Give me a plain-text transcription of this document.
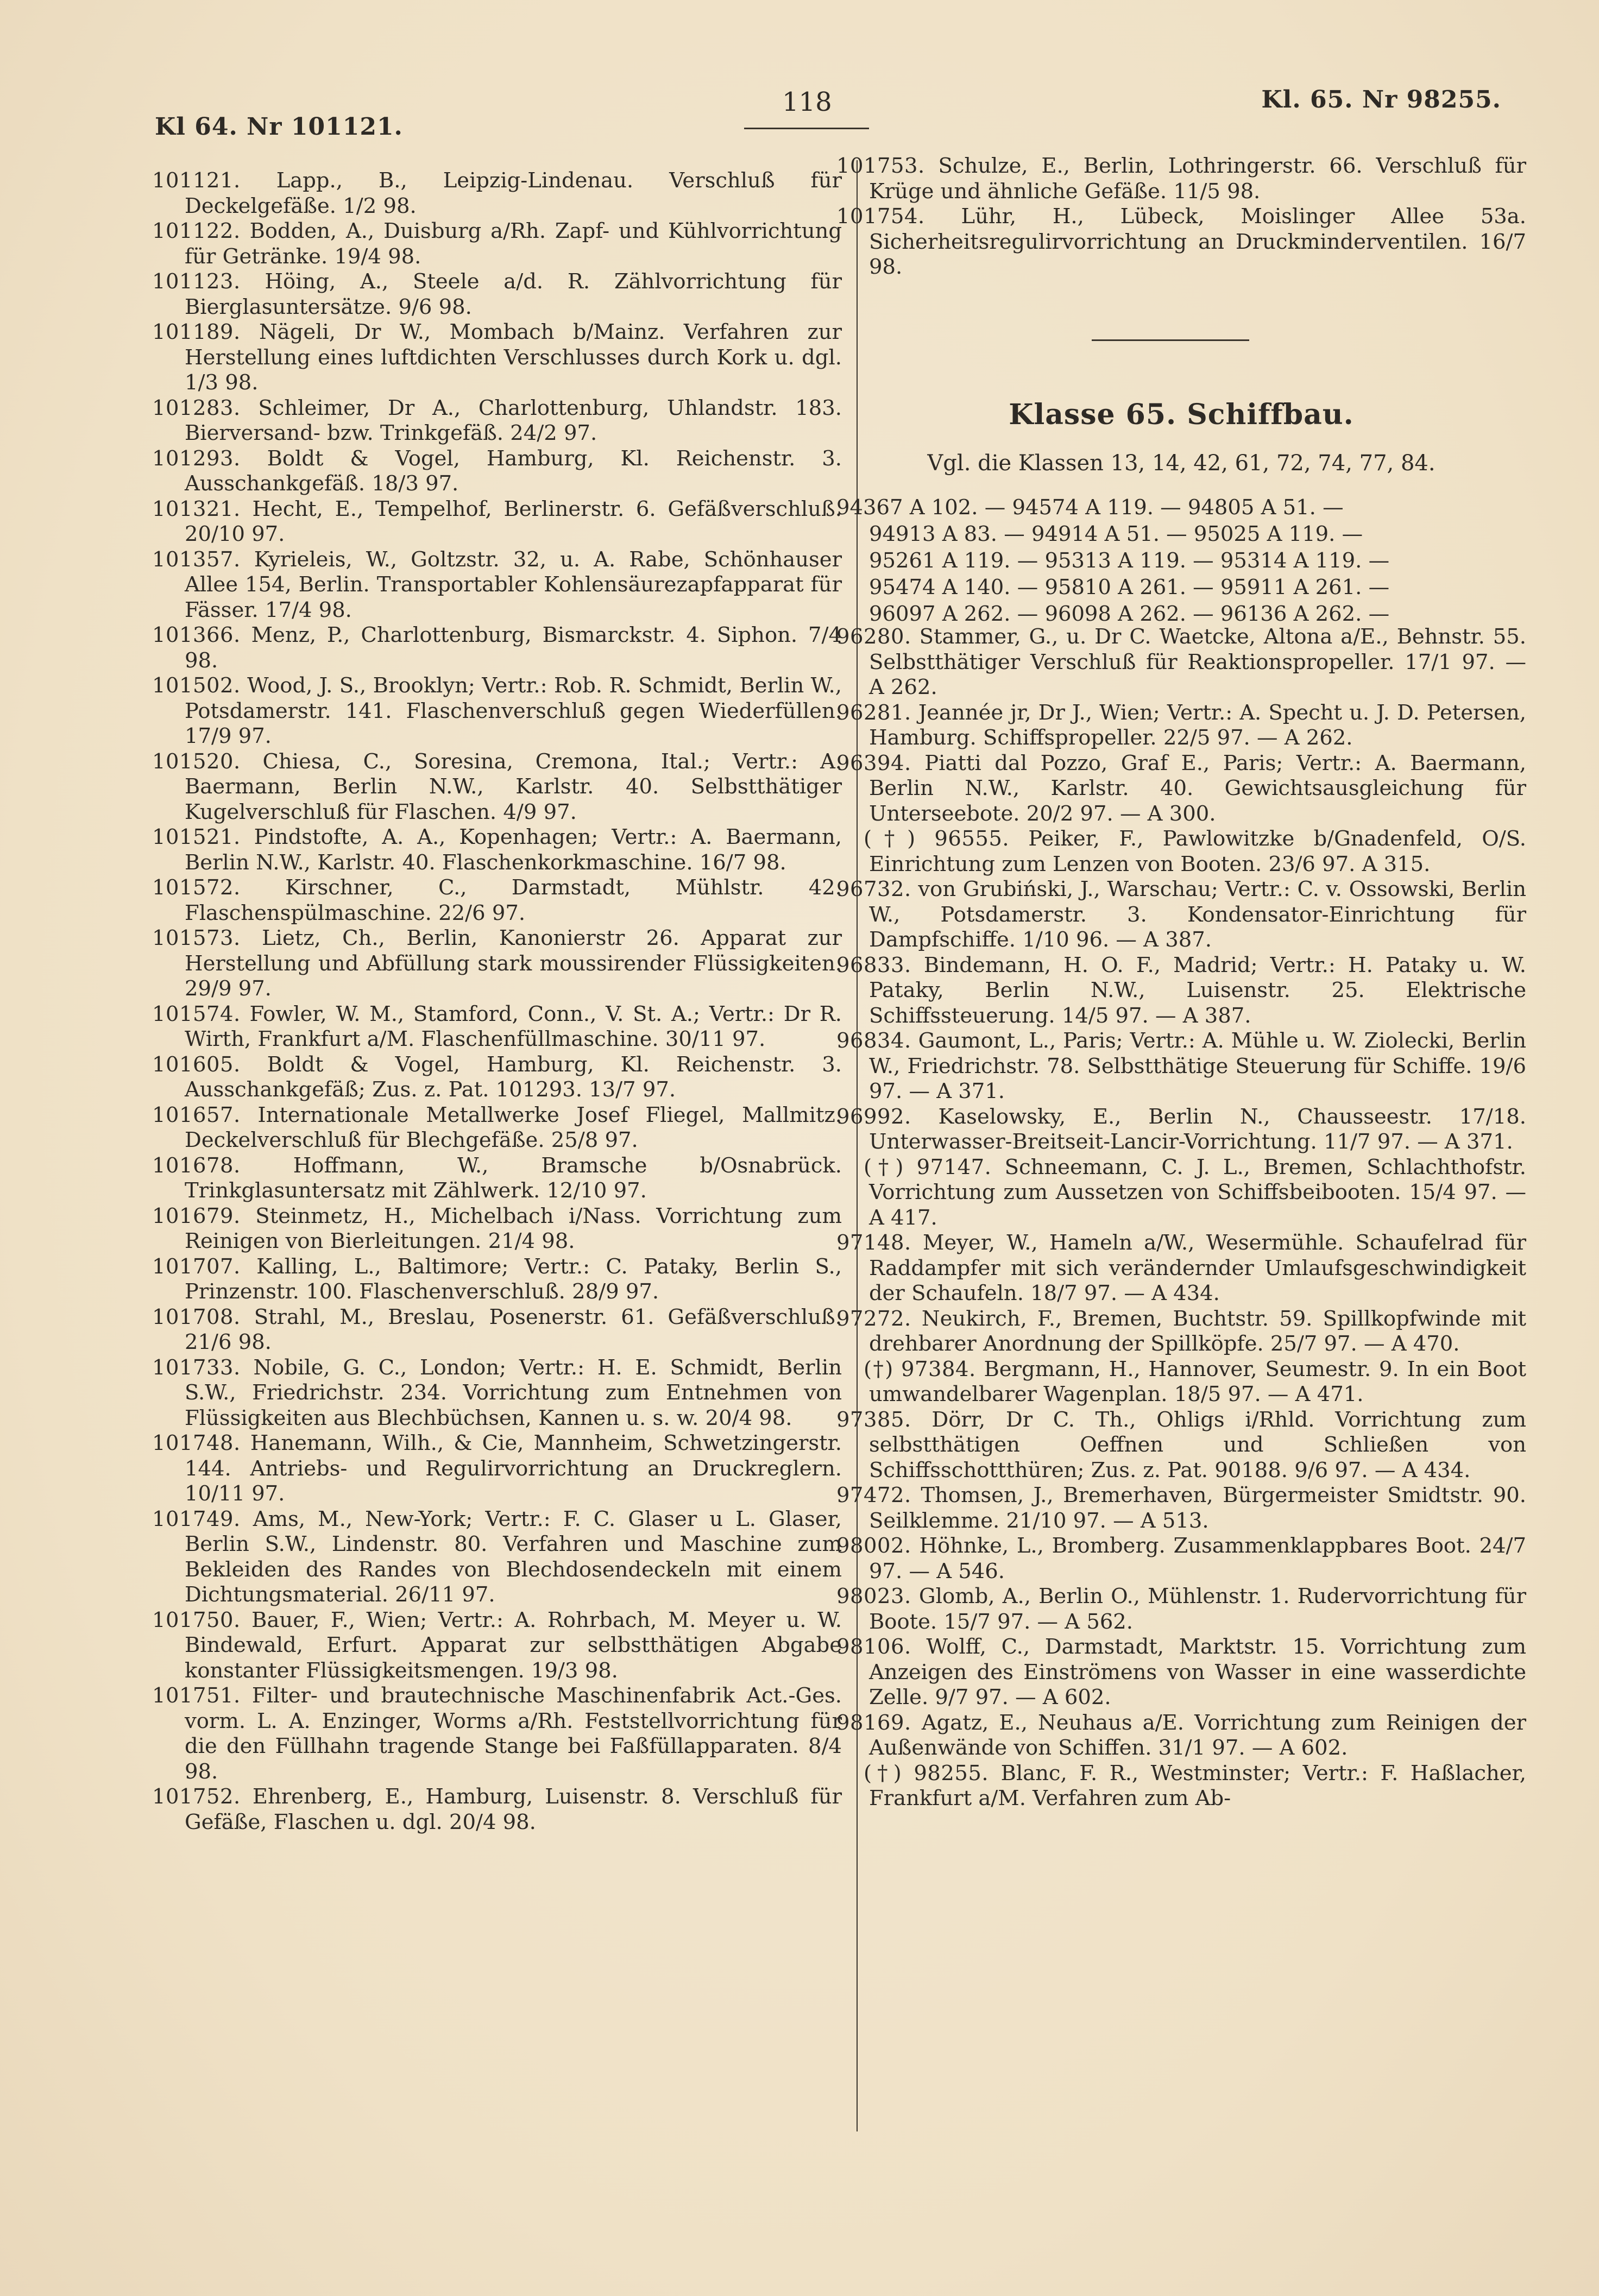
Kl 64. Nr 101121.
118	Kl. 65. Nr 98255.

101121. Lapp., B., Leipzig-Lindenau. Verschluß für Deckelgefäße. 1/2 98.

101122. Bodden, A., Duisburg a/Rh. Zapf- und Kühlvorrichtung für Getränke. 19/4 98.

101123. Höing, A., Steele a/d. R. Zählvorrichtung für Bierglasuntersätze. 9/6 98.

101189. Nägeli, Dr W., Mombach b/Mainz. Verfahren zur Herstellung eines luftdichten Verschlusses durch Kork u. dgl. 1/3 98.

101283. Schleimer, Dr A., Charlottenburg, Uhlandstr. 183. Bierversand- bzw. Trinkgefäß. 24/2 97.

101293. Boldt & Vogel, Hamburg, Kl. Reichenstr. 3. Ausschankgefäß. 18/3 97.

101321. Hecht, E., Tempelhof, Berlinerstr. 6. Gefäßverschluß. 20/10 97.

101357. Kyrieleis, W., Goltzstr. 32, u. A. Rabe, Schönhauser Allee 154, Berlin. Transportabler Kohlensäurezapfapparat für Fässer. 17/4 98.

101366. Menz, P., Charlottenburg, Bismarckstr. 4. Siphon. 7/4 98.

101502. Wood, J. S., Brooklyn; Vertr.: Rob. R. Schmidt, Berlin W., Potsdamerstr. 141. Flaschenverschluß gegen Wiederfüllen. 17/9 97.

101520. Chiesa, C., Soresina, Cremona, Ital.; Vertr.: A. Baermann, Berlin N.W., Karlstr. 40. Selbstthätiger Kugelverschluß für Flaschen. 4/9 97.

101521. Pindstofte, A. A., Kopenhagen; Vertr.: A. Baermann, Berlin N.W., Karlstr. 40. Flaschenkorkmaschine. 16/7 98.

101572. Kirschner, C., Darmstadt, Mühlstr. 42. Flaschenspülmaschine. 22/6 97.

101573. Lietz, Ch., Berlin, Kanonierstr 26. Apparat zur Herstellung und Abfüllung stark moussirender Flüssigkeiten. 29/9 97.

101574. Fowler, W. M., Stamford, Conn., V. St. A.; Vertr.: Dr R. Wirth, Frankfurt a/M. Flaschenfüllmaschine. 30/11 97.

101605. Boldt & Vogel, Hamburg, Kl. Reichenstr. 3. Ausschankgefäß; Zus. z. Pat. 101293. 13/7 97.

101657. Internationale Metallwerke Josef Fliegel, Mallmitz. Deckelverschluß für Blechgefäße. 25/8 97.

101678.	Hoffmann, W., Bramsche b/Osnabrück. Trinkglasuntersatz mit Zählwerk. 12/10 97.

101679. Steinmetz, H., Michelbach i/Nass. Vorrichtung zum Reinigen von Bierleitungen. 21/4 98.

101707. Kalling, L., Baltimore; Vertr.: C. Pataky, Berlin S., Prinzenstr. 100. Flaschenverschluß. 28/9 97.

101708. Strahl, M., Breslau, Posenerstr. 61. Gefäßverschluß. 21/6 98.

101733. Nobile, G. C., London; Vertr.: H. E. Schmidt, Berlin S.W., Friedrichstr. 234. Vorrichtung zum Entnehmen von Flüssigkeiten aus Blechbüchsen, Kannen u. s. w. 20/4 98.

101748. Hanemann, Wilh., & Cie, Mannheim, Schwetzingerstr. 144. Antriebs- und Regulirvorrichtung an Druckreglern. 10/11 97.

101749. Ams, M., New-York; Vertr.: F. C. Glaser u L. Glaser, Berlin S.W., Lindenstr. 80. Verfahren und Maschine zum Bekleiden des Randes von Blechdosendeckeln mit einem Dichtungsmaterial. 26/11 97.

101750. Bauer, F., Wien; Vertr.: A. Rohrbach, M. Meyer u. W. Bindewald, Erfurt. Apparat zur selbstthätigen Abgabe konstanter Flüssigkeitsmengen. 19/3 98.

101751. Filter- und brautechnische Maschinenfabrik Act.-Ges. vorm. L. A. Enzinger, Worms a/Rh. Feststellvorrichtung für die den Füllhahn tragende Stange bei Faßfüllapparaten. 8/4 98.

101752. Ehrenberg, E., Hamburg, Luisenstr. 8. Verschluß für Gefäße, Flaschen u. dgl. 20/4 98.

101753. Schulze, E., Berlin, Lothringerstr. 66. Verschluß für Krüge und ähnliche Gefäße. 11/5 98.

101754. Lühr, H., Lübeck, Moislinger Allee 53a. Sicherheitsregulirvorrichtung an Druckminderventilen. 16/7 98.

Klasse 65. Schiffbau.
Vgl. die Klassen 13, 14, 42, 61, 72, 74, 77, 84.
94367 A 102. — 94574 A 119. — 94805 A 51. —
94913 A 83. — 94914 A 51. — 95025 A 119. —
95261 A 119. — 95313 A 119. — 95314 A 119. —
95474 A 140. — 95810 A 261. — 95911 A 261. —
96097 A 262. — 96098 A 262. — 96136 A 262. —

96280. Stammer, G., u. Dr C. Waetcke, Altona a/E., Behnstr. 55. Selbstthätiger Verschluß für Reaktionspropeller. 17/1 97. — A 262.

96281. Jeannée jr, Dr J., Wien; Vertr.: A. Specht u. J. D. Petersen, Hamburg. Schiffspropeller. 22/5 97. — A 262.

96394. Piatti dal Pozzo, Graf E., Paris; Vertr.: A. Baermann, Berlin N.W., Karlstr. 40. Gewichtsausgleichung für Unterseebote. 20/2 97. — A 300.

(†) 96555. Peiker, F., Pawlowitzke b/Gnadenfeld, O/S. Einrichtung zum Lenzen von Booten. 23/6 97. A 315.

96732. von Grubiński, J., Warschau; Vertr.: C. v. Ossowski, Berlin W., Potsdamerstr. 3. Kondensator-Einrichtung für Dampfschiffe. 1/10 96. — A 387.

96833. Bindemann, H. O. F., Madrid; Vertr.: H. Pataky u. W. Pataky, Berlin N.W., Luisenstr. 25. Elektrische Schiffssteuerung. 14/5 97. — A 387.

96834. Gaumont, L., Paris; Vertr.: A. Mühle u. W. Ziolecki, Berlin W., Friedrichstr. 78. Selbstthätige Steuerung für Schiffe. 19/6 97. — A 371.

96992. Kaselowsky, E., Berlin N., Chausseestr. 17/18. Unterwasser-Breitseit-Lancir-Vorrichtung. 11/7 97. — A 371.

(†) 97147. Schneemann, C. J. L., Bremen, Schlachthofstr. Vorrichtung zum Aussetzen von Schiffsbeibooten. 15/4 97. — A 417.

97148. Meyer, W., Hameln a/W., Wesermühle. Schaufelrad für Raddampfer mit sich verändernder Umlaufsgeschwindigkeit der Schaufeln. 18/7 97. — A 434.

97272. Neukirch, F., Bremen, Buchtstr. 59. Spillkopfwinde mit drehbarer Anordnung der Spillköpfe. 25/7 97. — A 470.

(†) 97384. Bergmann, H., Hannover, Seumestr. 9. In ein Boot umwandelbarer Wagenplan. 18/5 97. — A 471.

97385. Dörr, Dr C. Th., Ohligs i/Rhld. Vorrichtung zum selbstthätigen Oeffnen und Schließen von Schiffsschottthüren; Zus. z. Pat. 90188. 9/6 97. — A 434.

97472. Thomsen, J., Bremerhaven, Bürgermeister Smidtstr. 90. Seilklemme. 21/10 97. — A 513.

98002. Höhnke, L., Bromberg. Zusammenklappbares Boot. 24/7 97. — A 546.

98023. Glomb, A., Berlin O., Mühlenstr. 1. Rudervorrichtung für Boote. 15/7 97. — A 562.

98106. Wolff, C., Darmstadt, Marktstr. 15. Vorrichtung zum Anzeigen des Einströmens von Wasser in eine wasserdichte Zelle. 9/7 97. — A 602.

98169. Agatz, E., Neuhaus a/E. Vorrichtung zum Reinigen der Außenwände von Schiffen. 31/1 97. — A 602.

(†) 98255. Blanc, F. R., Westminster; Vertr.: F. Haßlacher, Frankfurt a/M. Verfahren zum Ab-
